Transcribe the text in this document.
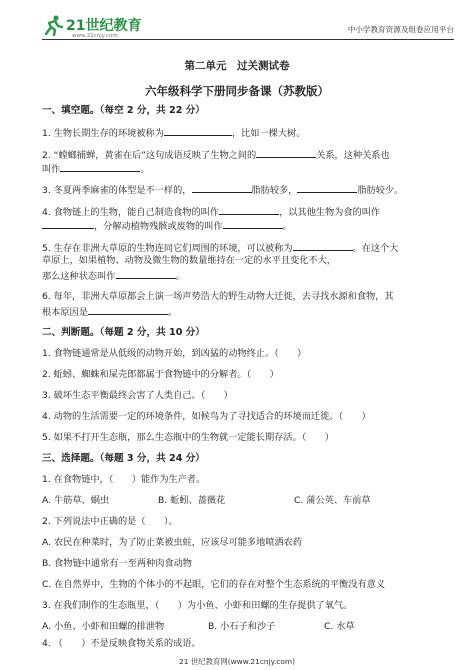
21世纪教育
www.21cnjy.com
中小学教育资源及组卷应用平台
第二单元　过关测试卷
六年级科学下册同步备课（苏教版）
一、填空题。（每空 2 分，共 22 分）
1. 生物长期生存的环境被称为	，比如一棵大树。
2. “螳螂捕蝉，黄雀在后”这句成语反映了生物之间的	关系，这种关系也
叫作	。
3. 冬夏两季麻雀的体型是不一样的，	脂肪较多，	脂肪较少。
4. 食物链上的生物，能自己制造食物的叫作	，以其他生物为食的叫作
，分解动植物残骸或废物的叫作	。
5. 生存在非洲大草原的生物连同它们周围的环境，可以被称为	。在这个大
草原上，如果植物、动物及微生物的数量维持在一定的水平且变化不大，
那么这种状态叫作	。
6. 每年，非洲大草原都会上演一场声势浩大的野生动物大迁徙，去寻找水源和食物，其
根本原因是	。
二、判断题。（每题 2 分，共 10 分）
1. 食物链通常是从低级的动物开始，到凶猛的动物终止。（　　）
2. 蚯蚓、蜘蛛和屎壳郎都属于食物链中的分解者。（　　）
3. 破坏生态平衡最终会害了人类自己。（　　）
4. 动物的生活需要一定的环境条件，如候鸟为了寻找适合的环境而迁徙。（　　）
5. 如果不打开生态瓶，那么生态瓶中的生物就一定能长期存活。（　　）
三、选择题。（每题 3 分，共 24 分）
1. 在食物链中，（　　）能作为生产者。
A. 牛筋草、蜗虫	B. 蚯蚓、蔷薇花	C. 蒲公英、车前草
2. 下列说法中正确的是（　　）。
A. 农民在种菜时，为了防止菜被虫蛀，应该尽可能多地喷洒农药
B. 食物链中通常有一至两种肉食动物
C. 在自然界中，生物的个体小的不起眼，它们的存在对整个生态系统的平衡没有意义
3. 在我们制作的生态瓶里，（　　）为小鱼、小虾和田螺的生存提供了氧气。
A. 小鱼、小虾和田螺的排泄物	B. 小石子和沙子	C. 水草
4. （　　）不是反映食物关系的成语。
21 世纪教育网(www.21cnjy.com)
